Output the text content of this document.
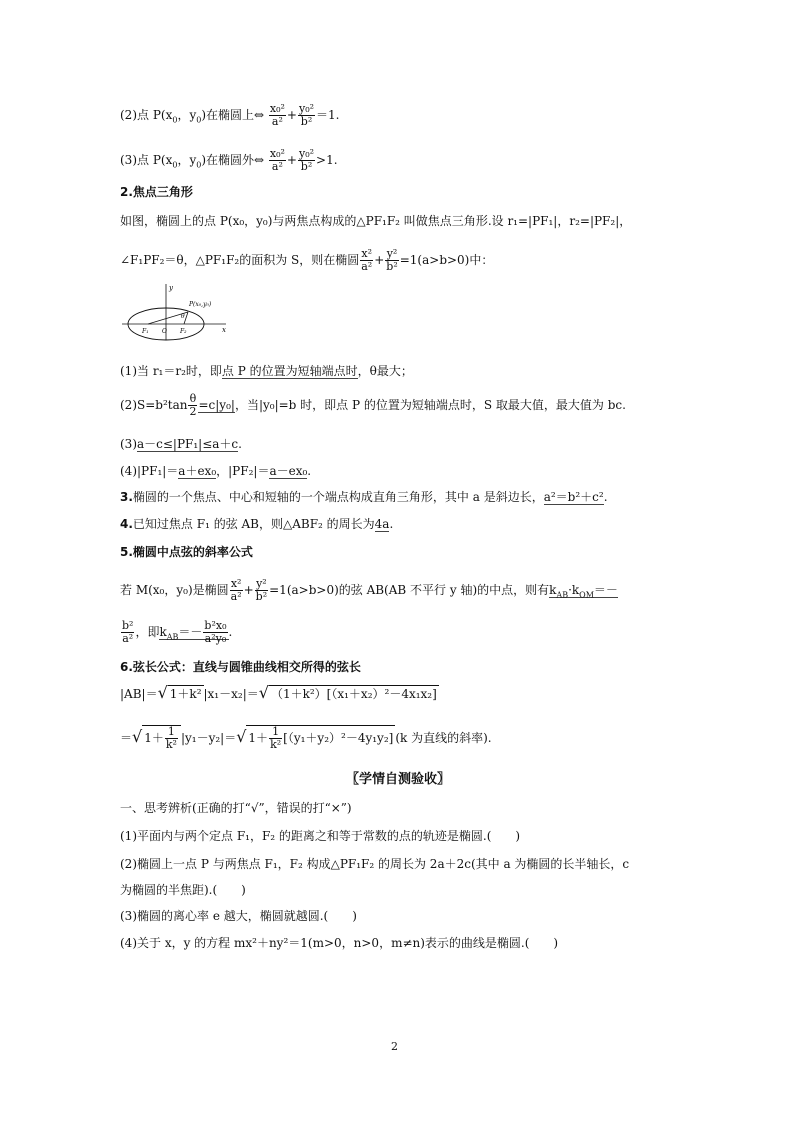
(2)点 $P(x_0$，$y_0$)在椭圆上⇔ $\frac{\text{x₀²}}{\text{a²}} + \frac{\text{y₀²}}{\text{b²}} =1$.
(3)点 $P(x_0$，$y_0$)在椭圆外⇔ $\frac{\text{x₀²}}{\text{a²}} + \frac{\text{y₀²}}{\text{b²}} >1$.
2.焦点三角形
如图，椭圆上的点 P(x₀，y₀)与两焦点构成的△PF₁F₂ 叫做焦点三角形.设 r₁=|PF₁|，r₂=|PF₂|，
∠F₁PF₂＝θ，△PF₁F₂的面积为 S，则在椭圆 $\frac{\text{x²}}{\text{a²}} + \frac{\text{y²}}{\text{b²}} =1(a>b>0)$中：
y
x
P(x₀,y₀)
θ
F₁ O F₂
(1)当 r₁＝r₂时，即点 P 的位置为短轴端点时，θ最大；
$(2)S=b^2\tan \frac{\theta}{2} =c|y_0|$，当|y₀|=b 时，即点 P 的位置为短轴端点时，S 取最大值，最大值为 bc.
(3)a－c≤|PF₁|≤a＋c.
(4)|PF₁|＝a＋ex₀，|PF₂|＝a－ex₀.
3.椭圆的一个焦点、中心和短轴的一个端点构成直角三角形，其中 a 是斜边长，a²＝b²＋c².
4.已知过焦点 F₁ 的弦 AB，则△ABF₂ 的周长为4a.
5.椭圆中点弦的斜率公式
若 M(x₀，y₀)是椭圆 $\frac{\text{x²}}{\text{a²}} + \frac{\text{y²}}{\text{b²}} =1(a>b>0)$的弦 AB(AB 不平行 y 轴)的中点，则有$k_{AB}\cdot k_{OM}=-$
$\frac{\text{b²}}{\text{a²}}$ ，即$k_{AB}=- \frac{\text{b²x₀}}{\text{a²y₀}}$ .
6.弦长公式：直线与圆锥曲线相交所得的弦长
|AB|＝√ 1＋k² |x₁－x₂|＝√ （1＋k²）[（x₁＋x₂）²－4x₁x₂]
＝√ $1+ \frac{1}{\text{k²}} |y_1-y_2|=√$ $1+ \frac{1}{\text{k²}} [(y_1+y_2)^2-4y_1y_2]$ (k 为直线的斜率).
〖学情自测验收〗
一、思考辨析(正确的打“√”，错误的打“×”)
(1)平面内与两个定点 F₁，F₂ 的距离之和等于常数的点的轨迹是椭圆.(　　)
(2)椭圆上一点 P 与两焦点 F₁，F₂ 构成△PF₁F₂ 的周长为 2a＋2c(其中 a 为椭圆的长半轴长，c
为椭圆的半焦距).(　　)
(3)椭圆的离心率 e 越大，椭圆就越圆.(　　)
(4)关于 x，y 的方程 mx²＋ny²＝1(m>0，n>0，m≠n)表示的曲线是椭圆.(　　)
2
